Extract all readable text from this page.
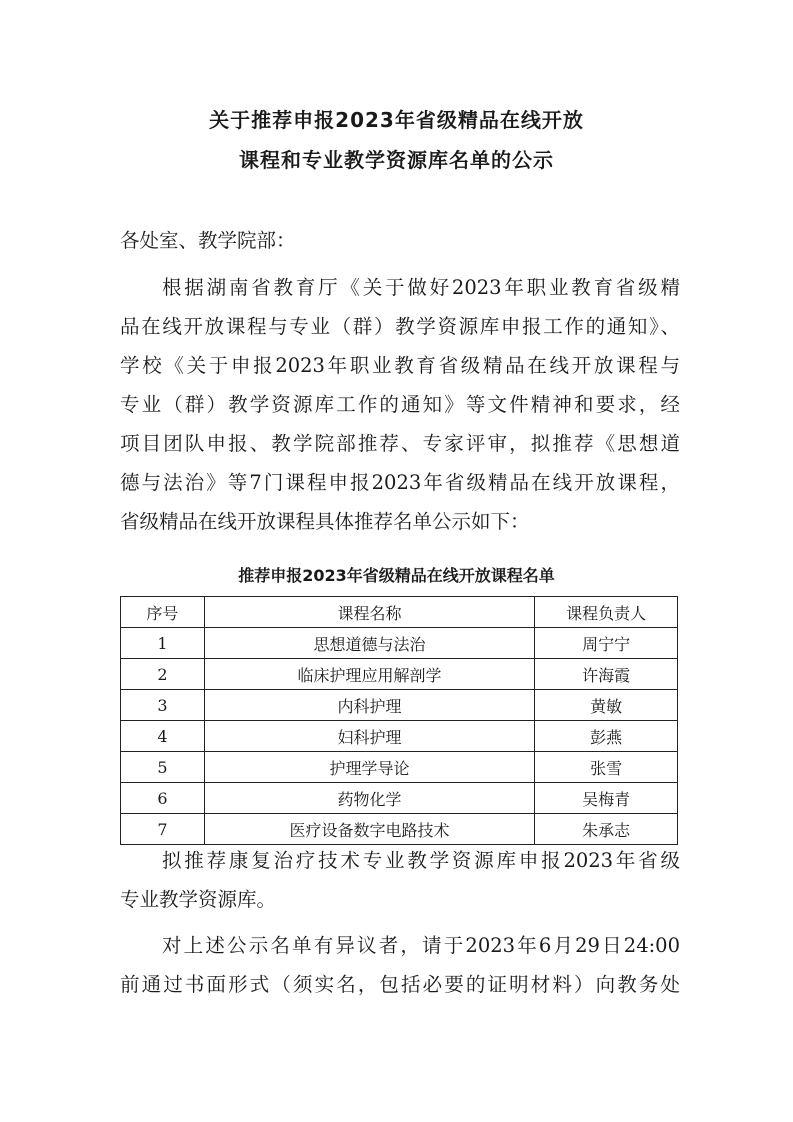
关于推荐申报2023年省级精品在线开放
课程和专业教学资源库名单的公示

各处室、教学院部：

根据湖南省教育厅《关于做好2023年职业教育省级精

品在线开放课程与专业（群）教学资源库申报工作的通知》、

学校《关于申报2023年职业教育省级精品在线开放课程与

专业（群）教学资源库工作的通知》等文件精神和要求，经

项目团队申报、教学院部推荐、专家评审，拟推荐《思想道

德与法治》等7门课程申报2023年省级精品在线开放课程，

省级精品在线开放课程具体推荐名单公示如下：

推荐申报2023年省级精品在线开放课程名单

序号	课程名称	课程负责人
1	思想道德与法治	周宁宁
2	临床护理应用解剖学	许海霞
3	内科护理	黄敏
4	妇科护理	彭燕
5	护理学导论	张雪
6	药物化学	吴梅青
7	医疗设备数字电路技术	朱承志

拟推荐康复治疗技术专业教学资源库申报2023年省级

专业教学资源库。

对上述公示名单有异议者，请于2023年6月29日24:00

前通过书面形式（须实名，包括必要的证明材料）向教务处
